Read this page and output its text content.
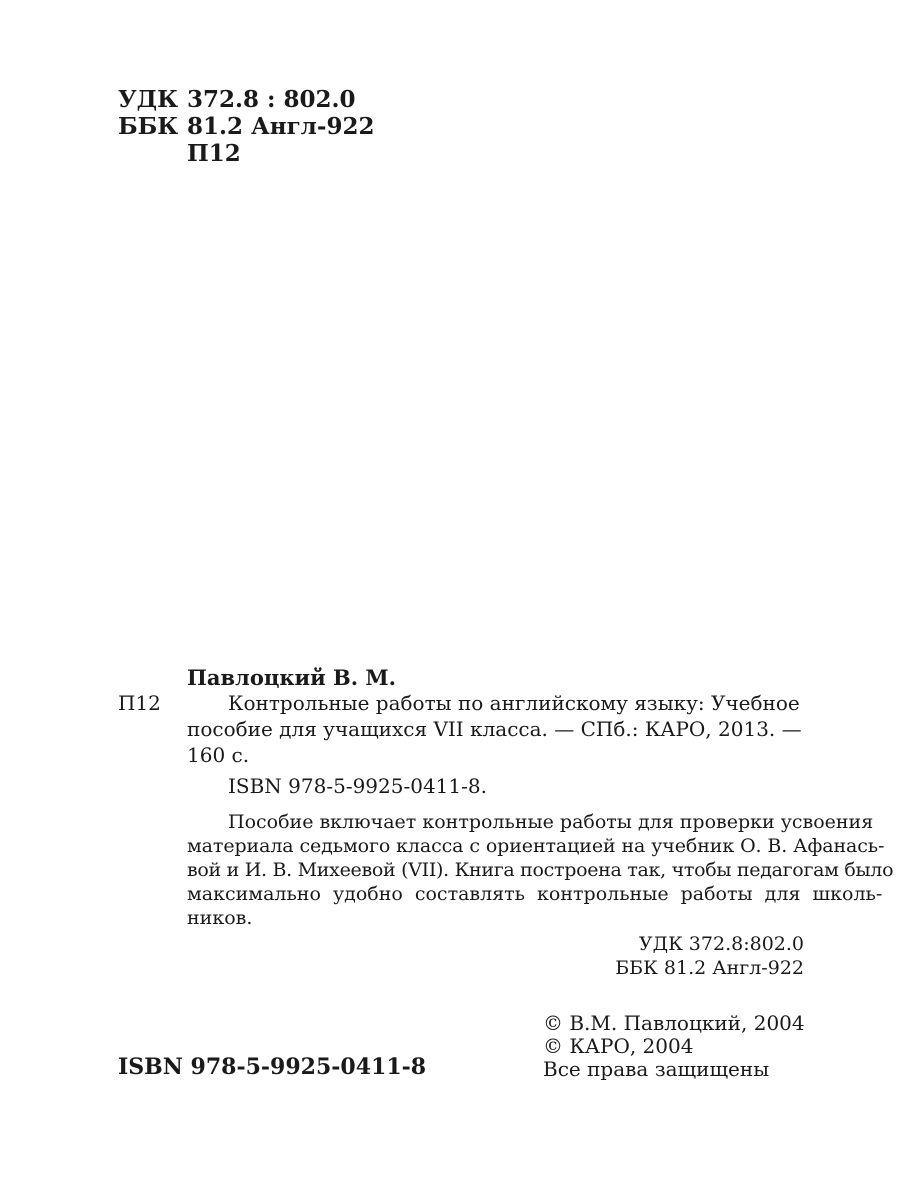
УДК 372.8 : 802.0
ББК 81.2 Англ-922
П12
Павлоцкий В. М.
П12	Контрольные работы по английскому языку: Учебное
пособие для учащихся VII класса. — СПб.: КАРО, 2013. —
160 с.
ISBN 978-5-9925-0411-8.
Пособие включает контрольные работы для проверки усвоения
материала седьмого класса с ориентацией на учебник О. В. Афанась-
вой и И. В. Михеевой (VII). Книга построена так, чтобы педагогам было
максимально удобно составлять контрольные работы для школь-
ников.
УДК 372.8:802.0
ББК 81.2 Англ-922
ISBN 978-5-9925-0411-8
© В.М. Павлоцкий, 2004
© КАРО, 2004
Все права защищены
